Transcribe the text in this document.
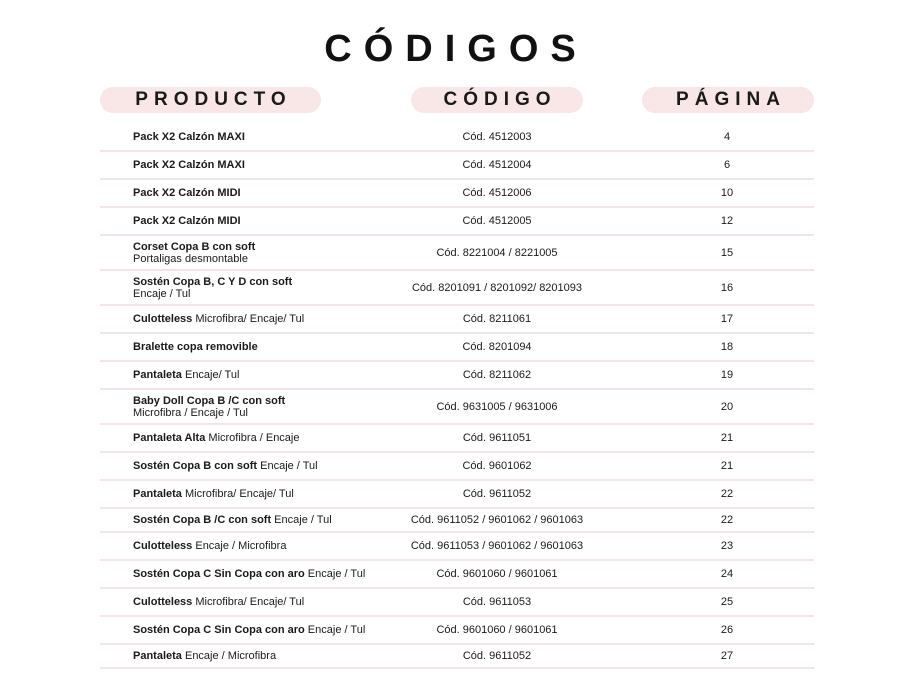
CÓDIGOS
PRODUCTO	CÓDIGO	PÁGINA
Pack X2 Calzón MAXI	Cód. 4512003	4
Pack X2 Calzón MAXI	Cód. 4512004	6
Pack X2 Calzón MIDI	Cód. 4512006	10
Pack X2 Calzón MIDI	Cód. 4512005	12
Corset Copa B con soft
Portaligas desmontable	Cód. 8221004 / 8221005	15
Sostén Copa B, C Y D con soft
Encaje / Tul	Cód. 8201091 / 8201092/ 8201093	16
Culotteless Microfibra/ Encaje/ Tul	Cód. 8211061	17
Bralette copa removible	Cód. 8201094	18
Pantaleta Encaje/ Tul	Cód. 8211062	19
Baby Doll Copa B /C con soft
Microfibra / Encaje / Tul	Cód. 9631005 / 9631006	20
Pantaleta Alta Microfibra / Encaje	Cód. 9611051	21
Sostén Copa B con soft Encaje / Tul	Cód. 9601062	21
Pantaleta Microfibra/ Encaje/ Tul	Cód. 9611052	22
Sostén Copa B /C con soft Encaje / Tul	Cód. 9611052 / 9601062 / 9601063	22
Culotteless Encaje / Microfibra	Cód. 9611053 / 9601062 / 9601063	23
Sostén Copa C Sin Copa con aro Encaje / Tul	Cód. 9601060 / 9601061	24
Culotteless Microfibra/ Encaje/ Tul	Cód. 9611053	25
Sostén Copa C Sin Copa con aro Encaje / Tul	Cód. 9601060 / 9601061	26
Pantaleta Encaje / Microfibra	Cód. 9611052	27
